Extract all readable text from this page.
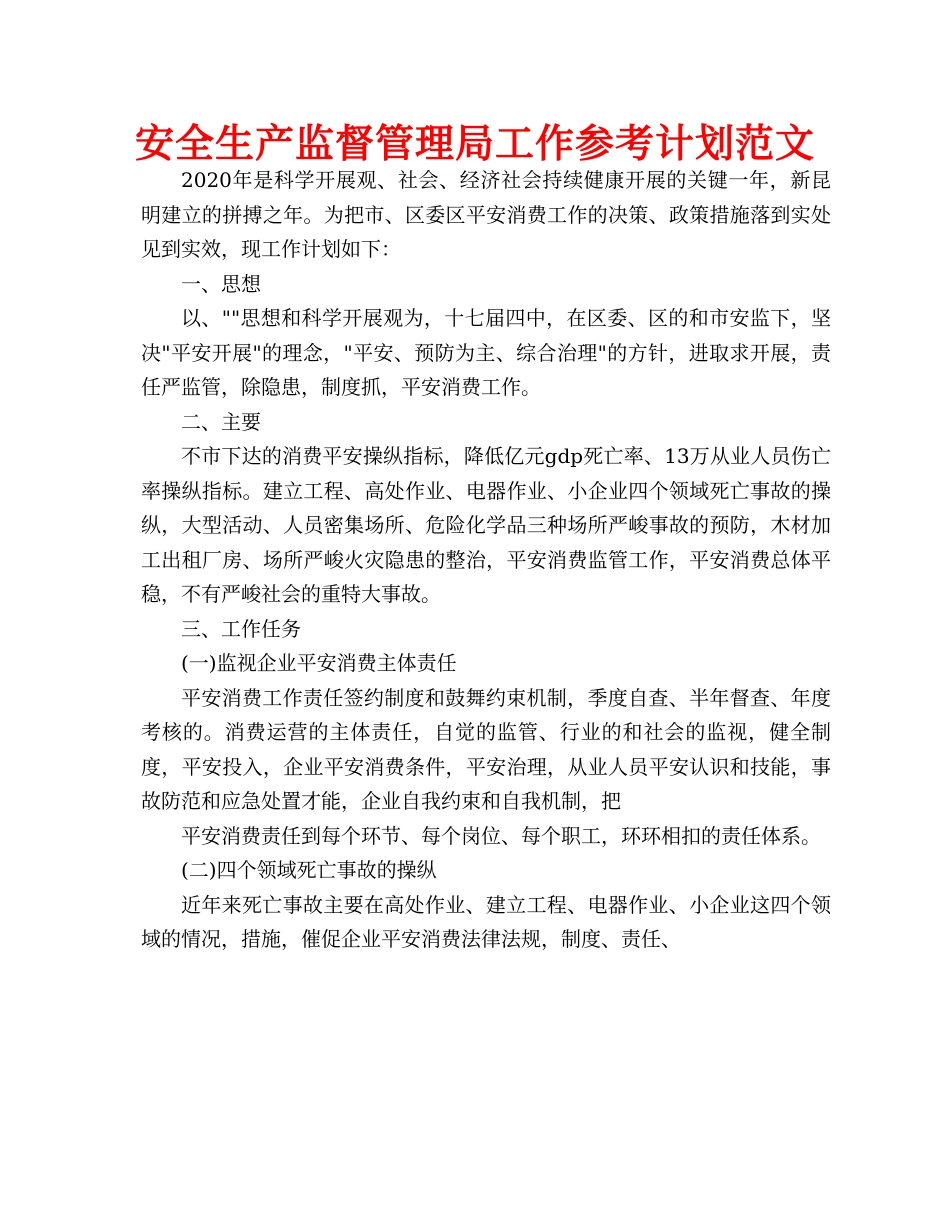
安全生产监督管理局工作参考计划范文

2020年是科学开展观、社会、经济社会持续健康开展的关键一年，新昆明建立的拼搏之年。为把市、区委区平安消费工作的决策、政策措施落到实处见到实效，现工作计划如下：

一、思想

以、""思想和科学开展观为，十七届四中，在区委、区的和市安监下，坚决"平安开展"的理念，"平安、预防为主、综合治理"的方针，进取求开展，责任严监管，除隐患，制度抓，平安消费工作。

二、主要

不市下达的消费平安操纵指标，降低亿元gdp死亡率、13万从业人员伤亡率操纵指标。建立工程、高处作业、电器作业、小企业四个领域死亡事故的操纵，大型活动、人员密集场所、危险化学品三种场所严峻事故的预防，木材加工出租厂房、场所严峻火灾隐患的整治，平安消费监管工作，平安消费总体平稳，不有严峻社会的重特大事故。

三、工作任务

(一)监视企业平安消费主体责任

平安消费工作责任签约制度和鼓舞约束机制，季度自查、半年督查、年度考核的。消费运营的主体责任，自觉的监管、行业的和社会的监视，健全制度，平安投入，企业平安消费条件，平安治理，从业人员平安认识和技能，事故防范和应急处置才能，企业自我约束和自我机制，把

平安消费责任到每个环节、每个岗位、每个职工，环环相扣的责任体系。

(二)四个领域死亡事故的操纵

近年来死亡事故主要在高处作业、建立工程、电器作业、小企业这四个领域的情况，措施，催促企业平安消费法律法规，制度、责任、
